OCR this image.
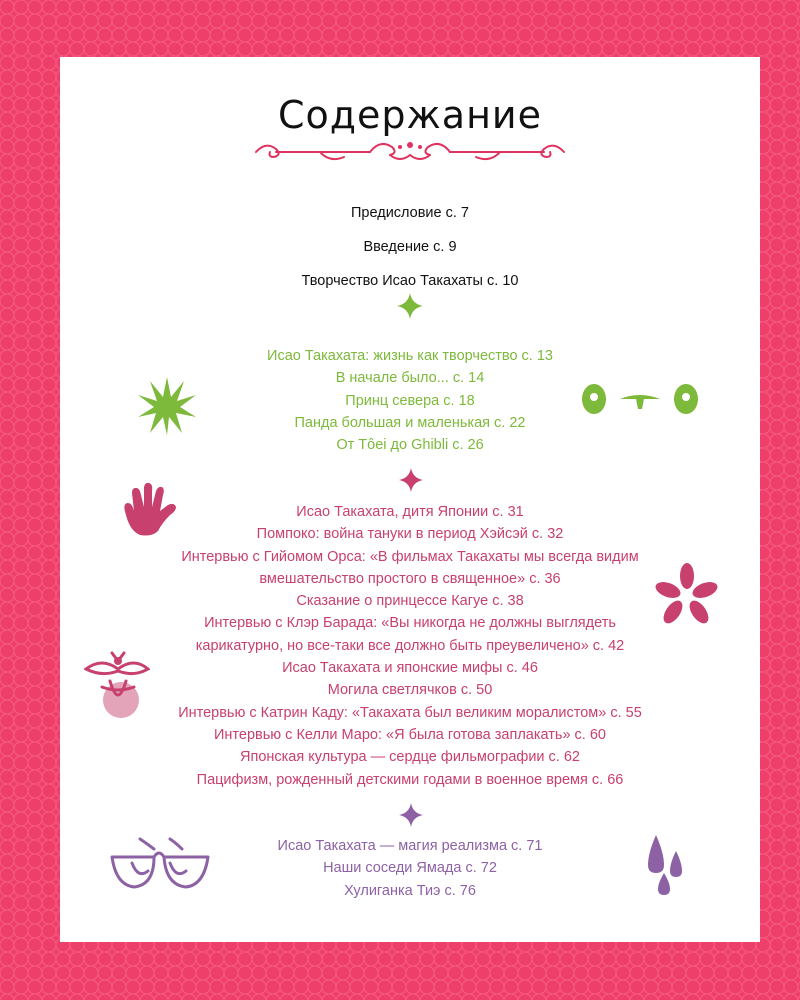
Содержание
Предисловие с. 7
Введение с. 9
Творчество Исао Такахаты с. 10
Исао Такахата: жизнь как творчество с. 13
В начале было... с. 14
Принц севера с. 18
Панда большая и маленькая с. 22
От Tôei до Ghibli с. 26
Исао Такахата, дитя Японии с. 31
Помпоко: война тануки в период Хэйсэй с. 32
Интервью с Гийомом Орса: «В фильмах Такахаты мы всегда видим
вмешательство простого в священное» с. 36
Сказание о принцессе Кагуе с. 38
Интервью с Клэр Барада: «Вы никогда не должны выглядеть
карикатурно, но все-таки все должно быть преувеличено» с. 42
Исао Такахата и японские мифы с. 46
Могила светлячков с. 50
Интервью с Катрин Каду: «Такахата был великим моралистом» с. 55
Интервью с Келли Маро: «Я была готова заплакать» с. 60
Японская культура — сердце фильмографии с. 62
Пацифизм, рожденный детскими годами в военное время с. 66
Исао Такахата — магия реализма с. 71
Наши соседи Ямада с. 72
Хулиганка Тиэ с. 76
